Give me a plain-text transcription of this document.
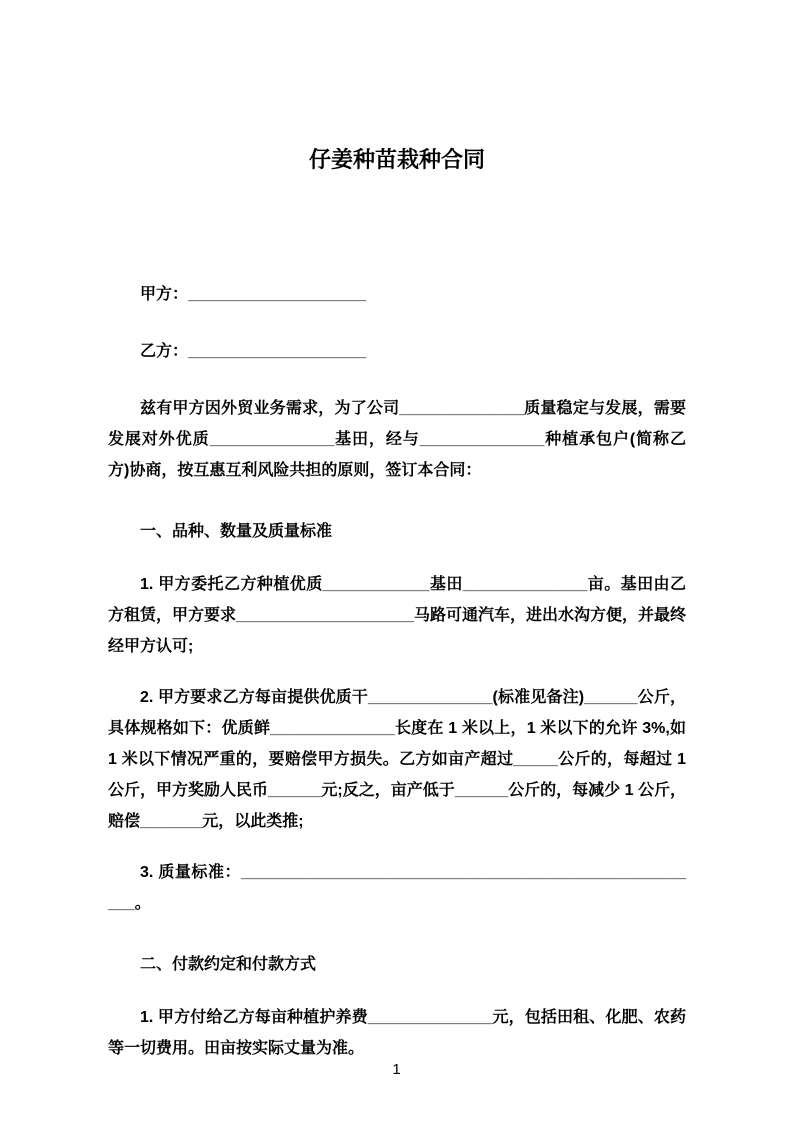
仔姜种苗栽种合同

甲方：____________________

乙方：____________________

兹有甲方因外贸业务需求，为了公司______________质量稳定与发展，需要发展对外优质______________基田，经与______________种植承包户(简称乙方)协商，按互惠互利风险共担的原则，签订本合同：

一、品种、数量及质量标准

1. 甲方委托乙方种植优质____________基田______________亩。基田由乙方租赁，甲方要求____________________马路可通汽车，进出水沟方便，并最终经甲方认可;

2. 甲方要求乙方每亩提供优质干______________(标准见备注)______公斤，具体规格如下：优质鲜______________长度在 1 米以上，1 米以下的允许 3%,如 1 米以下情况严重的，要赔偿甲方损失。乙方如亩产超过_____公斤的，每超过 1 公斤，甲方奖励人民币______元;反之，亩产低于______公斤的，每减少 1 公斤，赔偿_______元，以此类推;

3. 质量标准：_____________________________________________________。

二、付款约定和付款方式

1. 甲方付给乙方每亩种植护养费______________元，包括田租、化肥、农药等一切费用。田亩按实际丈量为准。

1
